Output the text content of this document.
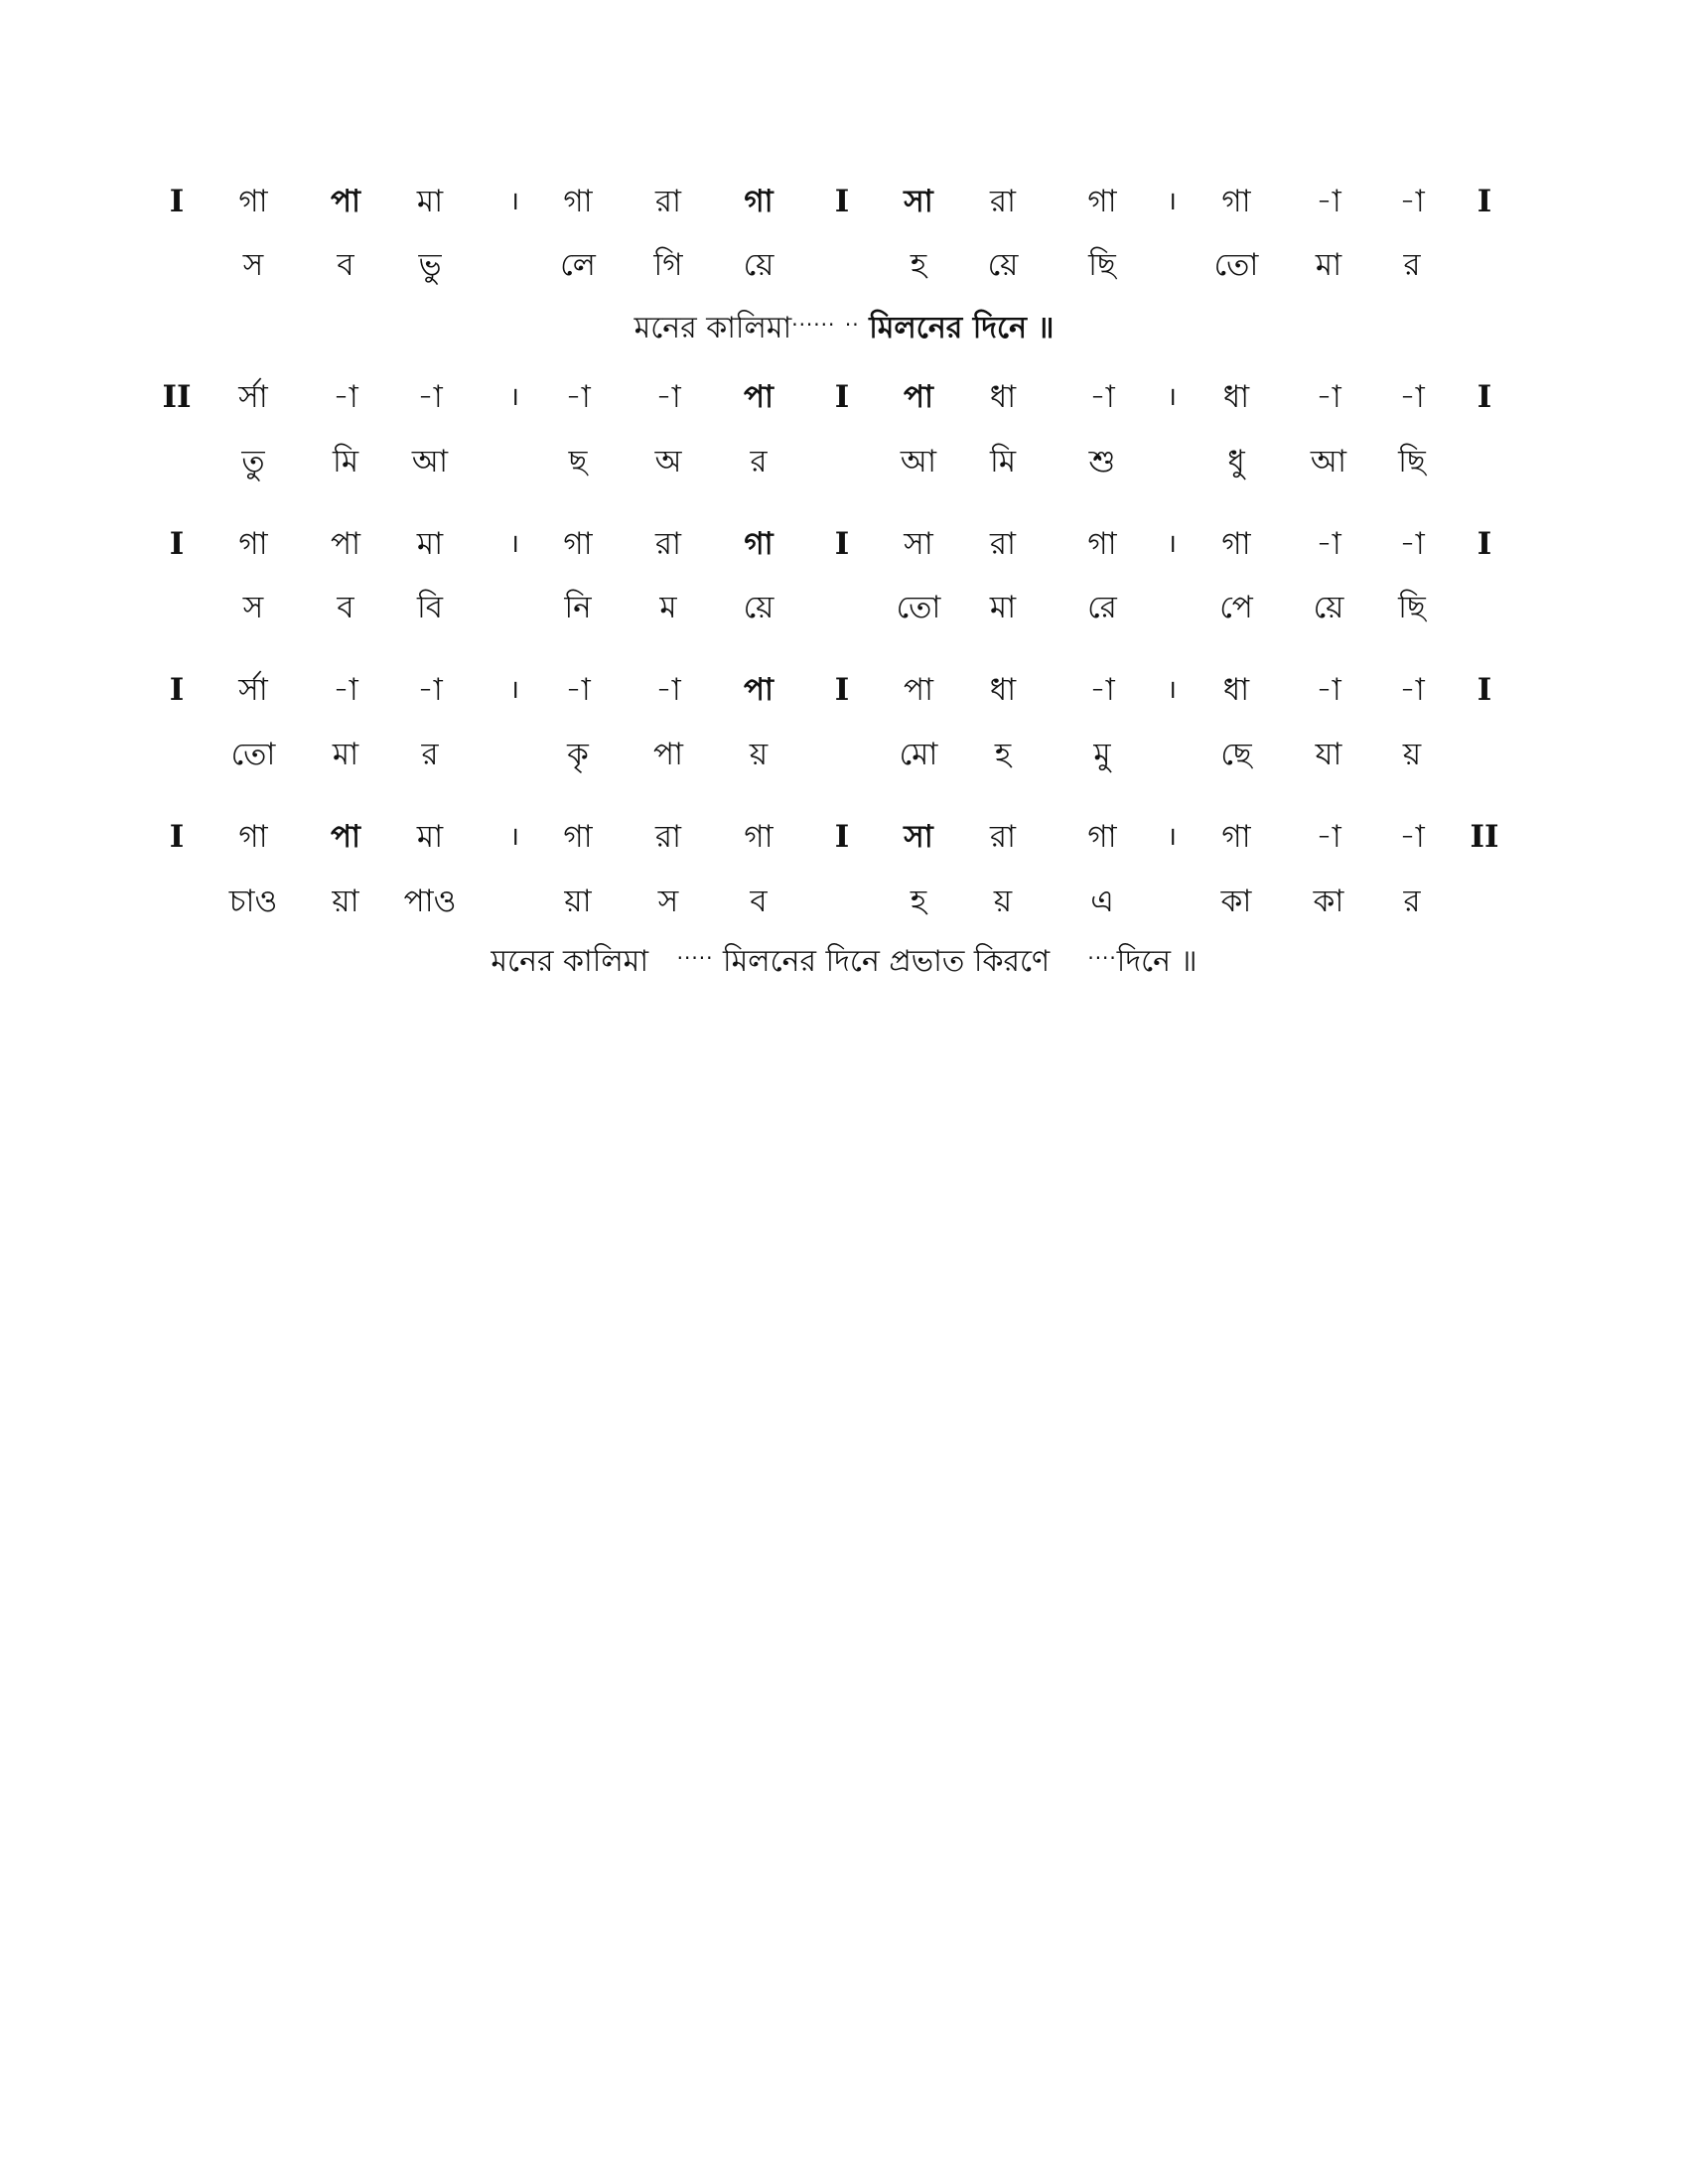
I	গা	পা	মা	।	গা	রা	গা	I	সা	রা	গা	।	গা	-া	-া	I
স	ব	ভু	লে	গি	য়ে	হ	য়ে	ছি	তো	মা	র
II	র্সা	-া	-া	।	-া	-া	পা	I	পা	ধা	-া	।	ধা	-া	-া	I
তু	মি	আ	ছ	অ	র	আ	মি	শু	ধু	আ	ছি
I	গা	পা	মা	।	গা	রা	গা	I	সা	রা	গা	।	গা	-া	-া	I
স	ব	বি	নি	ম	য়ে	তো	মা	রে	পে	য়ে	ছি
I	র্সা	-া	-া	।	-া	-া	পা	I	পা	ধা	-া	।	ধা	-া	-া	I
তো	মা	র	কৃ	পা	য়	মো	হ	মু	ছে	যা	য়
I	গা	পা	মা	।	গা	রা	গা	I	সা	রা	গা	।	গা	-া	-া	II
চাও	য়া	পাও	য়া	স	ব	হ	য়	এ	কা	কা	র
মনের কালিমা······ ·· মিলনের দিনে ॥
মনের কালিমা ····· মিলনের দিনে প্রভাত কিরণে ····দিনে ॥
